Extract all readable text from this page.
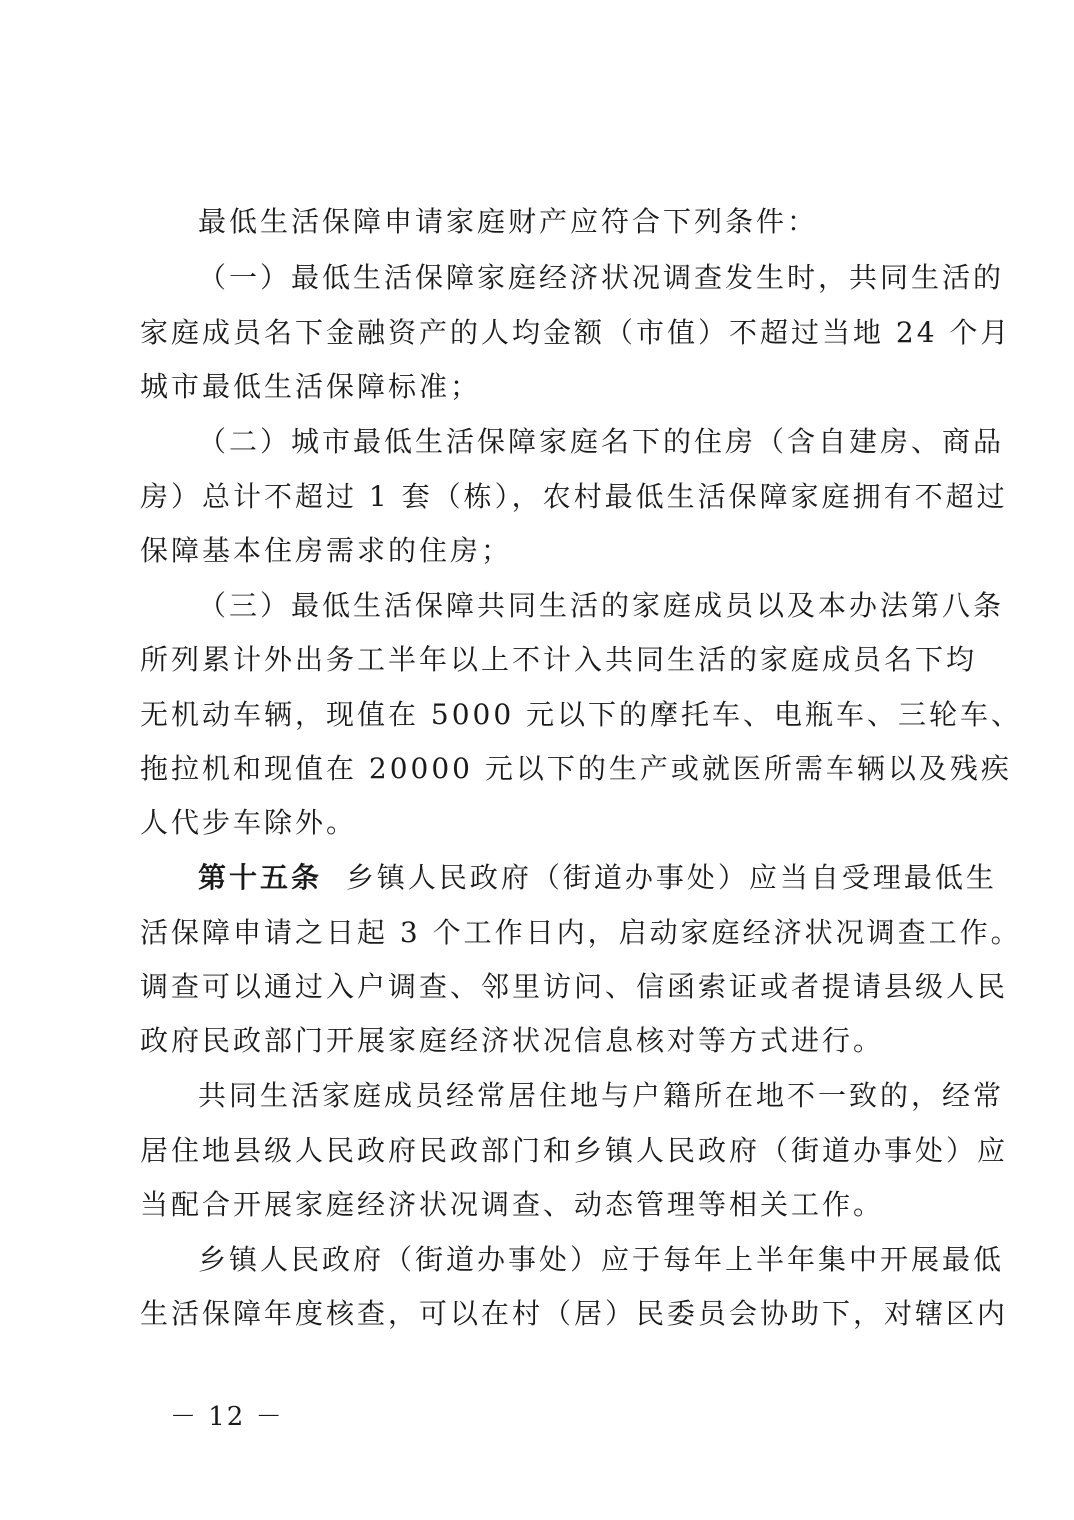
最低生活保障申请家庭财产应符合下列条件：
（一）最低生活保障家庭经济状况调查发生时，共同生活的
家庭成员名下金融资产的人均金额（市值）不超过当地 24 个月
城市最低生活保障标准；
（二）城市最低生活保障家庭名下的住房（含自建房、商品
房）总计不超过 1 套（栋），农村最低生活保障家庭拥有不超过
保障基本住房需求的住房；
（三）最低生活保障共同生活的家庭成员以及本办法第八条
所列累计外出务工半年以上不计入共同生活的家庭成员名下均
无机动车辆，现值在 5000 元以下的摩托车、电瓶车、三轮车、
拖拉机和现值在 20000 元以下的生产或就医所需车辆以及残疾
人代步车除外。
第十五条 乡镇人民政府（街道办事处）应当自受理最低生
活保障申请之日起 3 个工作日内，启动家庭经济状况调查工作。
调查可以通过入户调查、邻里访问、信函索证或者提请县级人民
政府民政部门开展家庭经济状况信息核对等方式进行。
共同生活家庭成员经常居住地与户籍所在地不一致的，经常
居住地县级人民政府民政部门和乡镇人民政府（街道办事处）应
当配合开展家庭经济状况调查、动态管理等相关工作。
乡镇人民政府（街道办事处）应于每年上半年集中开展最低
生活保障年度核查，可以在村（居）民委员会协助下，对辖区内
－ 12 －
